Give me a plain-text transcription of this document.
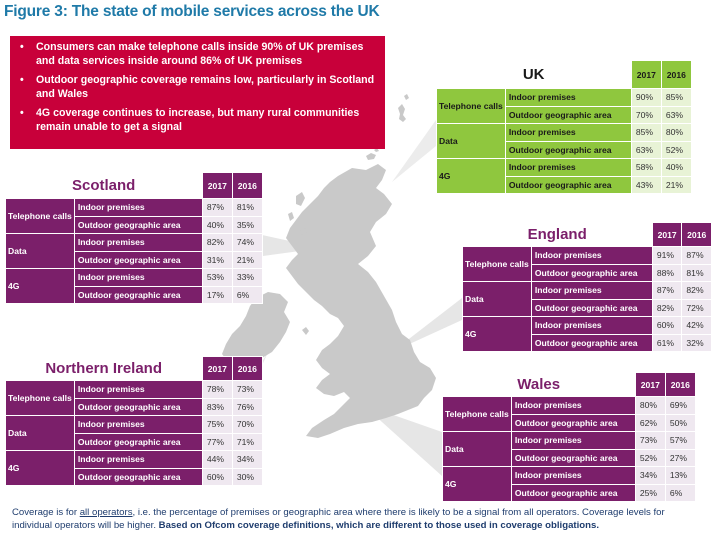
Figure 3: The state of mobile services across the UK
• Consumers can make telephone calls inside 90% of UK premises and data services inside around 86% of UK premises
• Outdoor geographic coverage remains low, particularly in Scotland and Wales
• 4G coverage continues to increase, but many rural communities remain unable to get a signal
UK		2017	2016
Telephone calls	Indoor premises	90%	85%
	Outdoor geographic area	70%	63%
Data	Indoor premises	85%	80%
	Outdoor geographic area	63%	52%
4G	Indoor premises	58%	40%
	Outdoor geographic area	43%	21%
Scotland		2017	2016
Telephone calls	Indoor premises	87%	81%
	Outdoor geographic area	40%	35%
Data	Indoor premises	82%	74%
	Outdoor geographic area	31%	21%
4G	Indoor premises	53%	33%
	Outdoor geographic area	17%	6%
England		2017	2016
Telephone calls	Indoor premises	91%	87%
	Outdoor geographic area	88%	81%
Data	Indoor premises	87%	82%
	Outdoor geographic area	82%	72%
4G	Indoor premises	60%	42%
	Outdoor geographic area	61%	32%
Northern Ireland		2017	2016
Telephone calls	Indoor premises	78%	73%
	Outdoor geographic area	83%	76%
Data	Indoor premises	75%	70%
	Outdoor geographic area	77%	71%
4G	Indoor premises	44%	34%
	Outdoor geographic area	60%	30%
Wales		2017	2016
Telephone calls	Indoor premises	80%	69%
	Outdoor geographic area	62%	50%
Data	Indoor premises	73%	57%
	Outdoor geographic area	52%	27%
4G	Indoor premises	34%	13%
	Outdoor geographic area	25%	6%
Coverage is for all operators, i.e. the percentage of premises or geographic area where there is likely to be a signal from all operators. Coverage levels for individual operators will be higher. Based on Ofcom coverage definitions, which are different to those used in coverage obligations.
